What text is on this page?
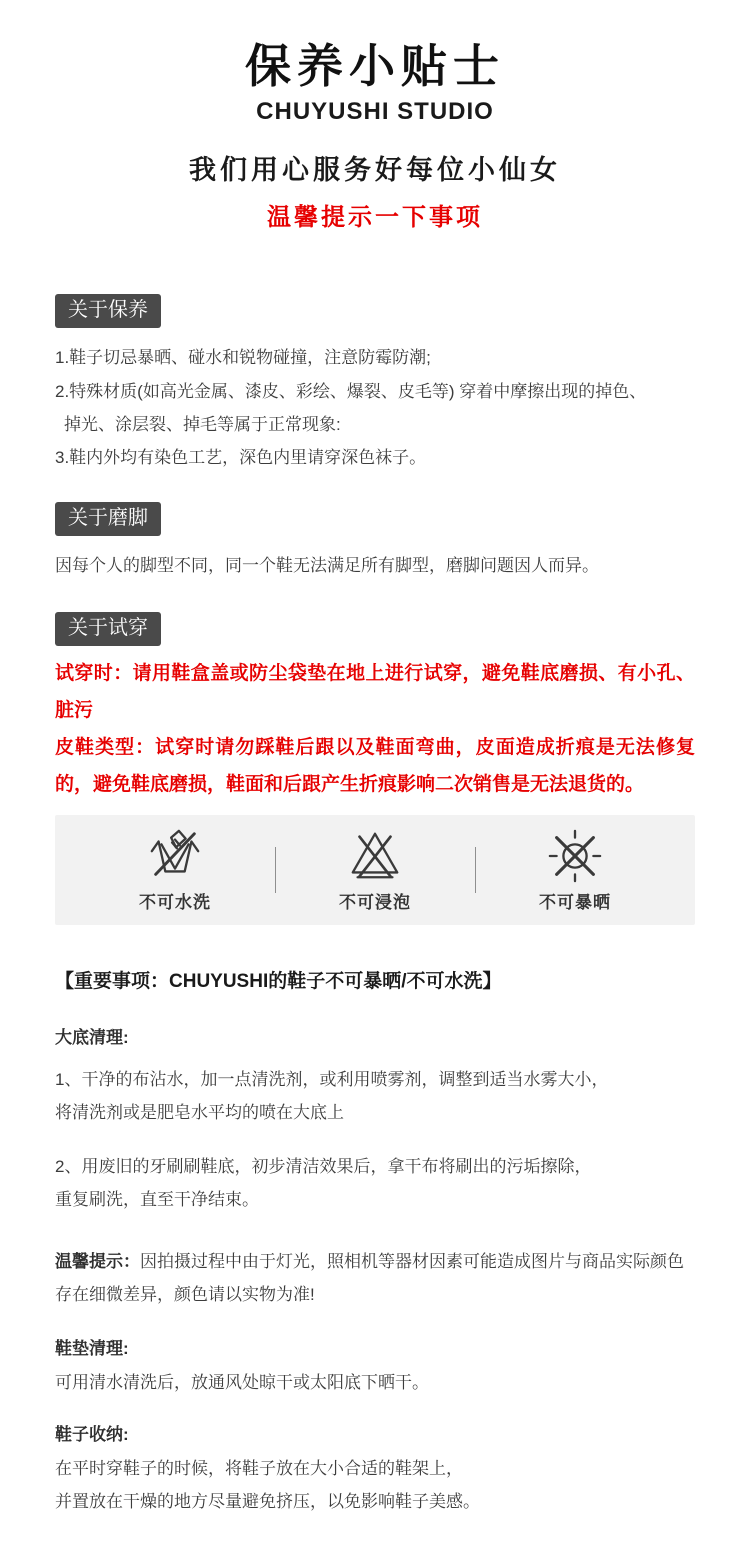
保养小贴士
CHUYUSHI STUDIO
我们用心服务好每位小仙女
温馨提示一下事项
关于保养
1.鞋子切忌暴晒、碰水和锐物碰撞，注意防霉防潮;
2.特殊材质(如高光金属、漆皮、彩绘、爆裂、皮毛等) 穿着中摩擦出现的掉色、
掉光、涂层裂、掉毛等属于正常现象:
3.鞋内外均有染色工艺，深色内里请穿深色袜子。
关于磨脚
因每个人的脚型不同，同一个鞋无法满足所有脚型，磨脚问题因人而异。
关于试穿
试穿时：请用鞋盒盖或防尘袋垫在地上进行试穿，避免鞋底磨损、有小孔、脏污
皮鞋类型：试穿时请勿踩鞋后跟以及鞋面弯曲，皮面造成折痕是无法修复的，避免鞋底磨损，鞋面和后跟产生折痕影响二次销售是无法退货的。
不可水洗	不可浸泡	不可暴晒
【重要事项：CHUYUSHI的鞋子不可暴晒/不可水洗】
大底清理:
1、干净的布沾水，加一点清洗剂，或利用喷雾剂，调整到适当水雾大小，
将清洗剂或是肥皂水平均的喷在大底上
2、用废旧的牙刷刷鞋底，初步清洁效果后，拿干布将刷出的污垢擦除，
重复刷洗，直至干净结束。
温馨提示：因拍摄过程中由于灯光，照相机等器材因素可能造成图片与商品实际颜色存在细微差异，颜色请以实物为准!
鞋垫清理:
可用清水清洗后，放通风处晾干或太阳底下晒干。
鞋子收纳:
在平时穿鞋子的时候，将鞋子放在大小合适的鞋架上，
并置放在干燥的地方尽量避免挤压，以免影响鞋子美感。
